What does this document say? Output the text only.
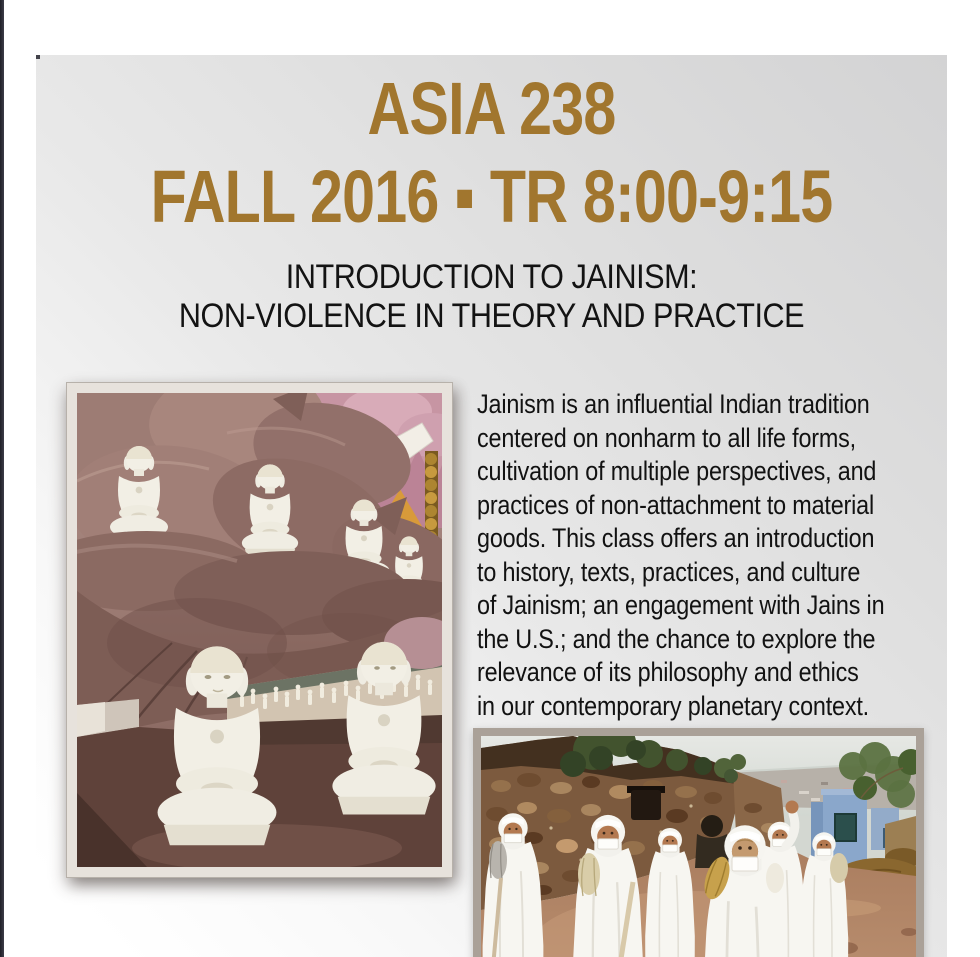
ASIA 238
FALL 2016 ▪ TR 8:00-9:15
INTRODUCTION TO JAINISM:
NON-VIOLENCE IN THEORY AND PRACTICE
Jainism is an influential Indian tradition
centered on nonharm to all life forms,
cultivation of multiple perspectives, and
practices of non-attachment to material
goods. This class offers an introduction
to history, texts, practices, and culture
of Jainism; an engagement with Jains in
the U.S.; and the chance to explore the
relevance of its philosophy and ethics
in our contemporary planetary context.
